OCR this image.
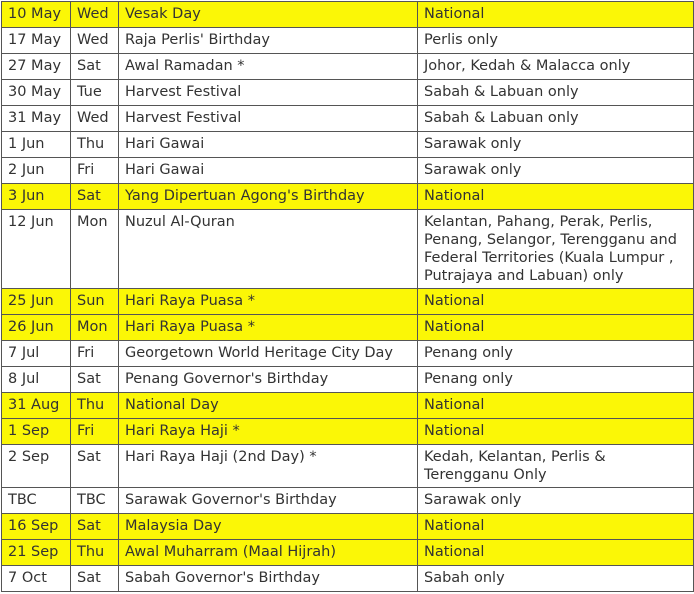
10 May	Wed	Vesak Day	National
17 May	Wed	Raja Perlis' Birthday	Perlis only
27 May	Sat	Awal Ramadan *	Johor, Kedah & Malacca only
30 May	Tue	Harvest Festival	Sabah & Labuan only
31 May	Wed	Harvest Festival	Sabah & Labuan only
1 Jun	Thu	Hari Gawai	Sarawak only
2 Jun	Fri	Hari Gawai	Sarawak only
3 Jun	Sat	Yang Dipertuan Agong's Birthday	National
12 Jun	Mon	Nuzul Al-Quran	Kelantan, Pahang, Perak, Perlis, Penang, Selangor, Terengganu and Federal Territories (Kuala Lumpur , Putrajaya and Labuan) only
25 Jun	Sun	Hari Raya Puasa *	National
26 Jun	Mon	Hari Raya Puasa *	National
7 Jul	Fri	Georgetown World Heritage City Day	Penang only
8 Jul	Sat	Penang Governor's Birthday	Penang only
31 Aug	Thu	National Day	National
1 Sep	Fri	Hari Raya Haji *	National
2 Sep	Sat	Hari Raya Haji (2nd Day) *	Kedah, Kelantan, Perlis & Terengganu Only
TBC	TBC	Sarawak Governor's Birthday	Sarawak only
16 Sep	Sat	Malaysia Day	National
21 Sep	Thu	Awal Muharram (Maal Hijrah)	National
7 Oct	Sat	Sabah Governor's Birthday	Sabah only
